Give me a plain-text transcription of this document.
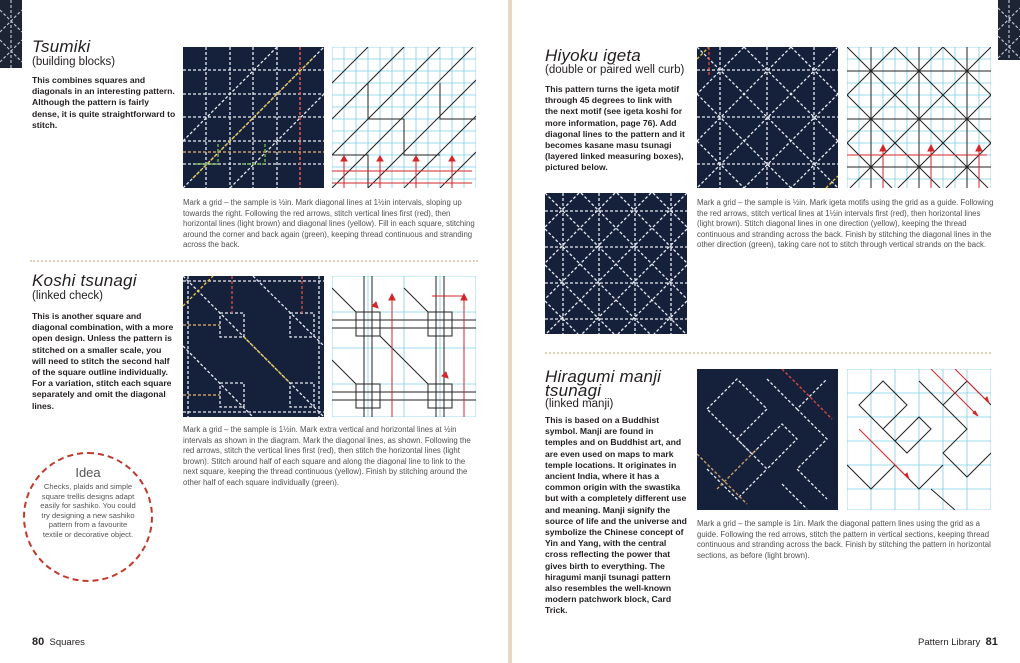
Tsumiki
(building blocks)
This combines squares and diagonals in an interesting pattern. Although the pattern is fairly dense, it is quite straightforward to stitch.
Mark a grid – the sample is ½in. Mark diagonal lines at 1½in intervals, sloping up towards the right. Following the red arrows, stitch vertical lines first (red), then horizontal lines (light brown) and diagonal lines (yellow). Fill in each square, stitching around the corner and back again (green), keeping thread continuous and stranding across the back.
Koshi tsunagi
(linked check)
This is another square and diagonal combination, with a more open design. Unless the pattern is stitched on a smaller scale, you will need to stitch the second half of the square outline individually. For a variation, stitch each square separately and omit the diagonal lines.
Mark a grid – the sample is 1½in. Mark extra vertical and horizontal lines at ½in intervals as shown in the diagram. Mark the diagonal lines, as shown. Following the red arrows, stitch the vertical lines first (red), then stitch the horizontal lines (light brown). Stitch around half of each square and along the diagonal line to link to the next square, keeping the thread continuous (yellow). Finish by stitching around the other half of each square individually (green).
Idea
Checks, plaids and simple square trellis designs adapt easily for sashiko. You could try designing a new sashiko pattern from a favourite textile or decorative object.
80 Squares
Hiyoku igeta
(double or paired well curb)
This pattern turns the igeta motif through 45 degrees to link with the next motif (see igeta koshi for more information, page 76). Add diagonal lines to the pattern and it becomes kasane masu tsunagi (layered linked measuring boxes), pictured below.
Mark a grid – the sample is ½in. Mark igeta motifs using the grid as a guide. Following the red arrows, stitch vertical lines at 1½in intervals first (red), then horizontal lines (light brown). Stitch diagonal lines in one direction (yellow), keeping the thread continuous and stranding across the back. Finish by stitching the diagonal lines in the other direction (green), taking care not to stitch through vertical strands on the back.
Hiragumi manji tsunagi
(linked manji)
This is based on a Buddhist symbol. Manji are found in temples and on Buddhist art, and are even used on maps to mark temple locations. It originates in ancient India, where it has a common origin with the swastika but with a completely different use and meaning. Manji signify the source of life and the universe and symbolize the Chinese concept of Yin and Yang, with the central cross reflecting the power that gives birth to everything. The hiragumi manji tsunagi pattern also resembles the well-known modern patchwork block, Card Trick.
Mark a grid – the sample is 1in. Mark the diagonal pattern lines using the grid as a guide. Following the red arrows, stitch the pattern in vertical sections, keeping thread continuous and stranding across the back. Finish by stitching the pattern in horizontal sections, as before (light brown).
Pattern Library 81
